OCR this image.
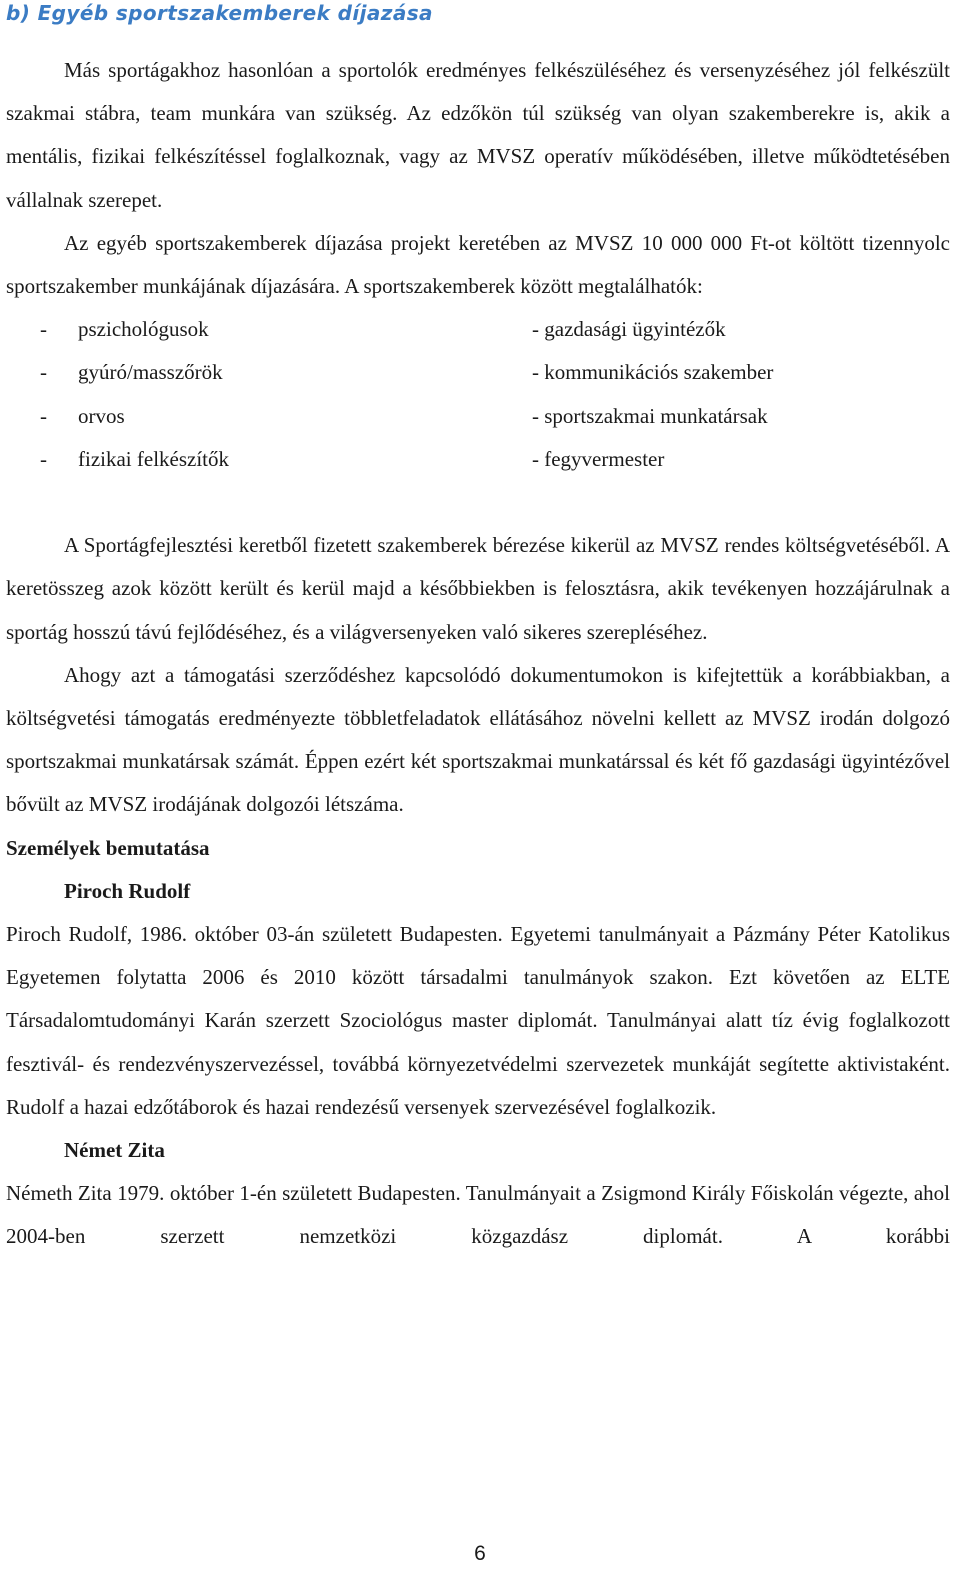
b) Egyéb sportszakemberek díjazása

Más sportágakhoz hasonlóan a sportolók eredményes felkészüléséhez és versenyzéséhez jól felkészült szakmai stábra, team munkára van szükség. Az edzőkön túl szükség van olyan szakemberekre is, akik a mentális, fizikai felkészítéssel foglalkoznak, vagy az MVSZ operatív működésében, illetve működtetésében vállalnak szerepet.

Az egyéb sportszakemberek díjazása projekt keretében az MVSZ 10 000 000 Ft-ot költött tizennyolc sportszakember munkájának díjazására. A sportszakemberek között megtalálhatók:

- pszichológusok	- gazdasági ügyintézők
- gyúró/masszőrök	- kommunikációs szakember
- orvos	- sportszakmai munkatársak
- fizikai felkészítők	- fegyvermester

A Sportágfejlesztési keretből fizetett szakemberek bérezése kikerül az MVSZ rendes költségvetéséből. A keretösszeg azok között került és kerül majd a későbbiekben is felosztásra, akik tevékenyen hozzájárulnak a sportág hosszú távú fejlődéséhez, és a világversenyeken való sikeres szerepléséhez.

Ahogy azt a támogatási szerződéshez kapcsolódó dokumentumokon is kifejtettük a korábbiakban, a költségvetési támogatás eredményezte többletfeladatok ellátásához növelni kellett az MVSZ irodán dolgozó sportszakmai munkatársak számát. Éppen ezért két sportszakmai munkatárssal és két fő gazdasági ügyintézővel bővült az MVSZ irodájának dolgozói létszáma.

Személyek bemutatása

Piroch Rudolf

Piroch Rudolf, 1986. október 03-án született Budapesten. Egyetemi tanulmányait a Pázmány Péter Katolikus Egyetemen folytatta 2006 és 2010 között társadalmi tanulmányok szakon. Ezt követően az ELTE Társadalomtudományi Karán szerzett Szociológus master diplomát. Tanulmányai alatt tíz évig foglalkozott fesztivál- és rendezvényszervezéssel, továbbá környezetvédelmi szervezetek munkáját segítette aktivistaként. Rudolf a hazai edzőtáborok és hazai rendezésű versenyek szervezésével foglalkozik.

Német Zita

Németh Zita 1979. október 1-én született Budapesten. Tanulmányait a Zsigmond Király Főiskolán végezte, ahol 2004-ben szerzett nemzetközi közgazdász diplomát. A korábbi

6
